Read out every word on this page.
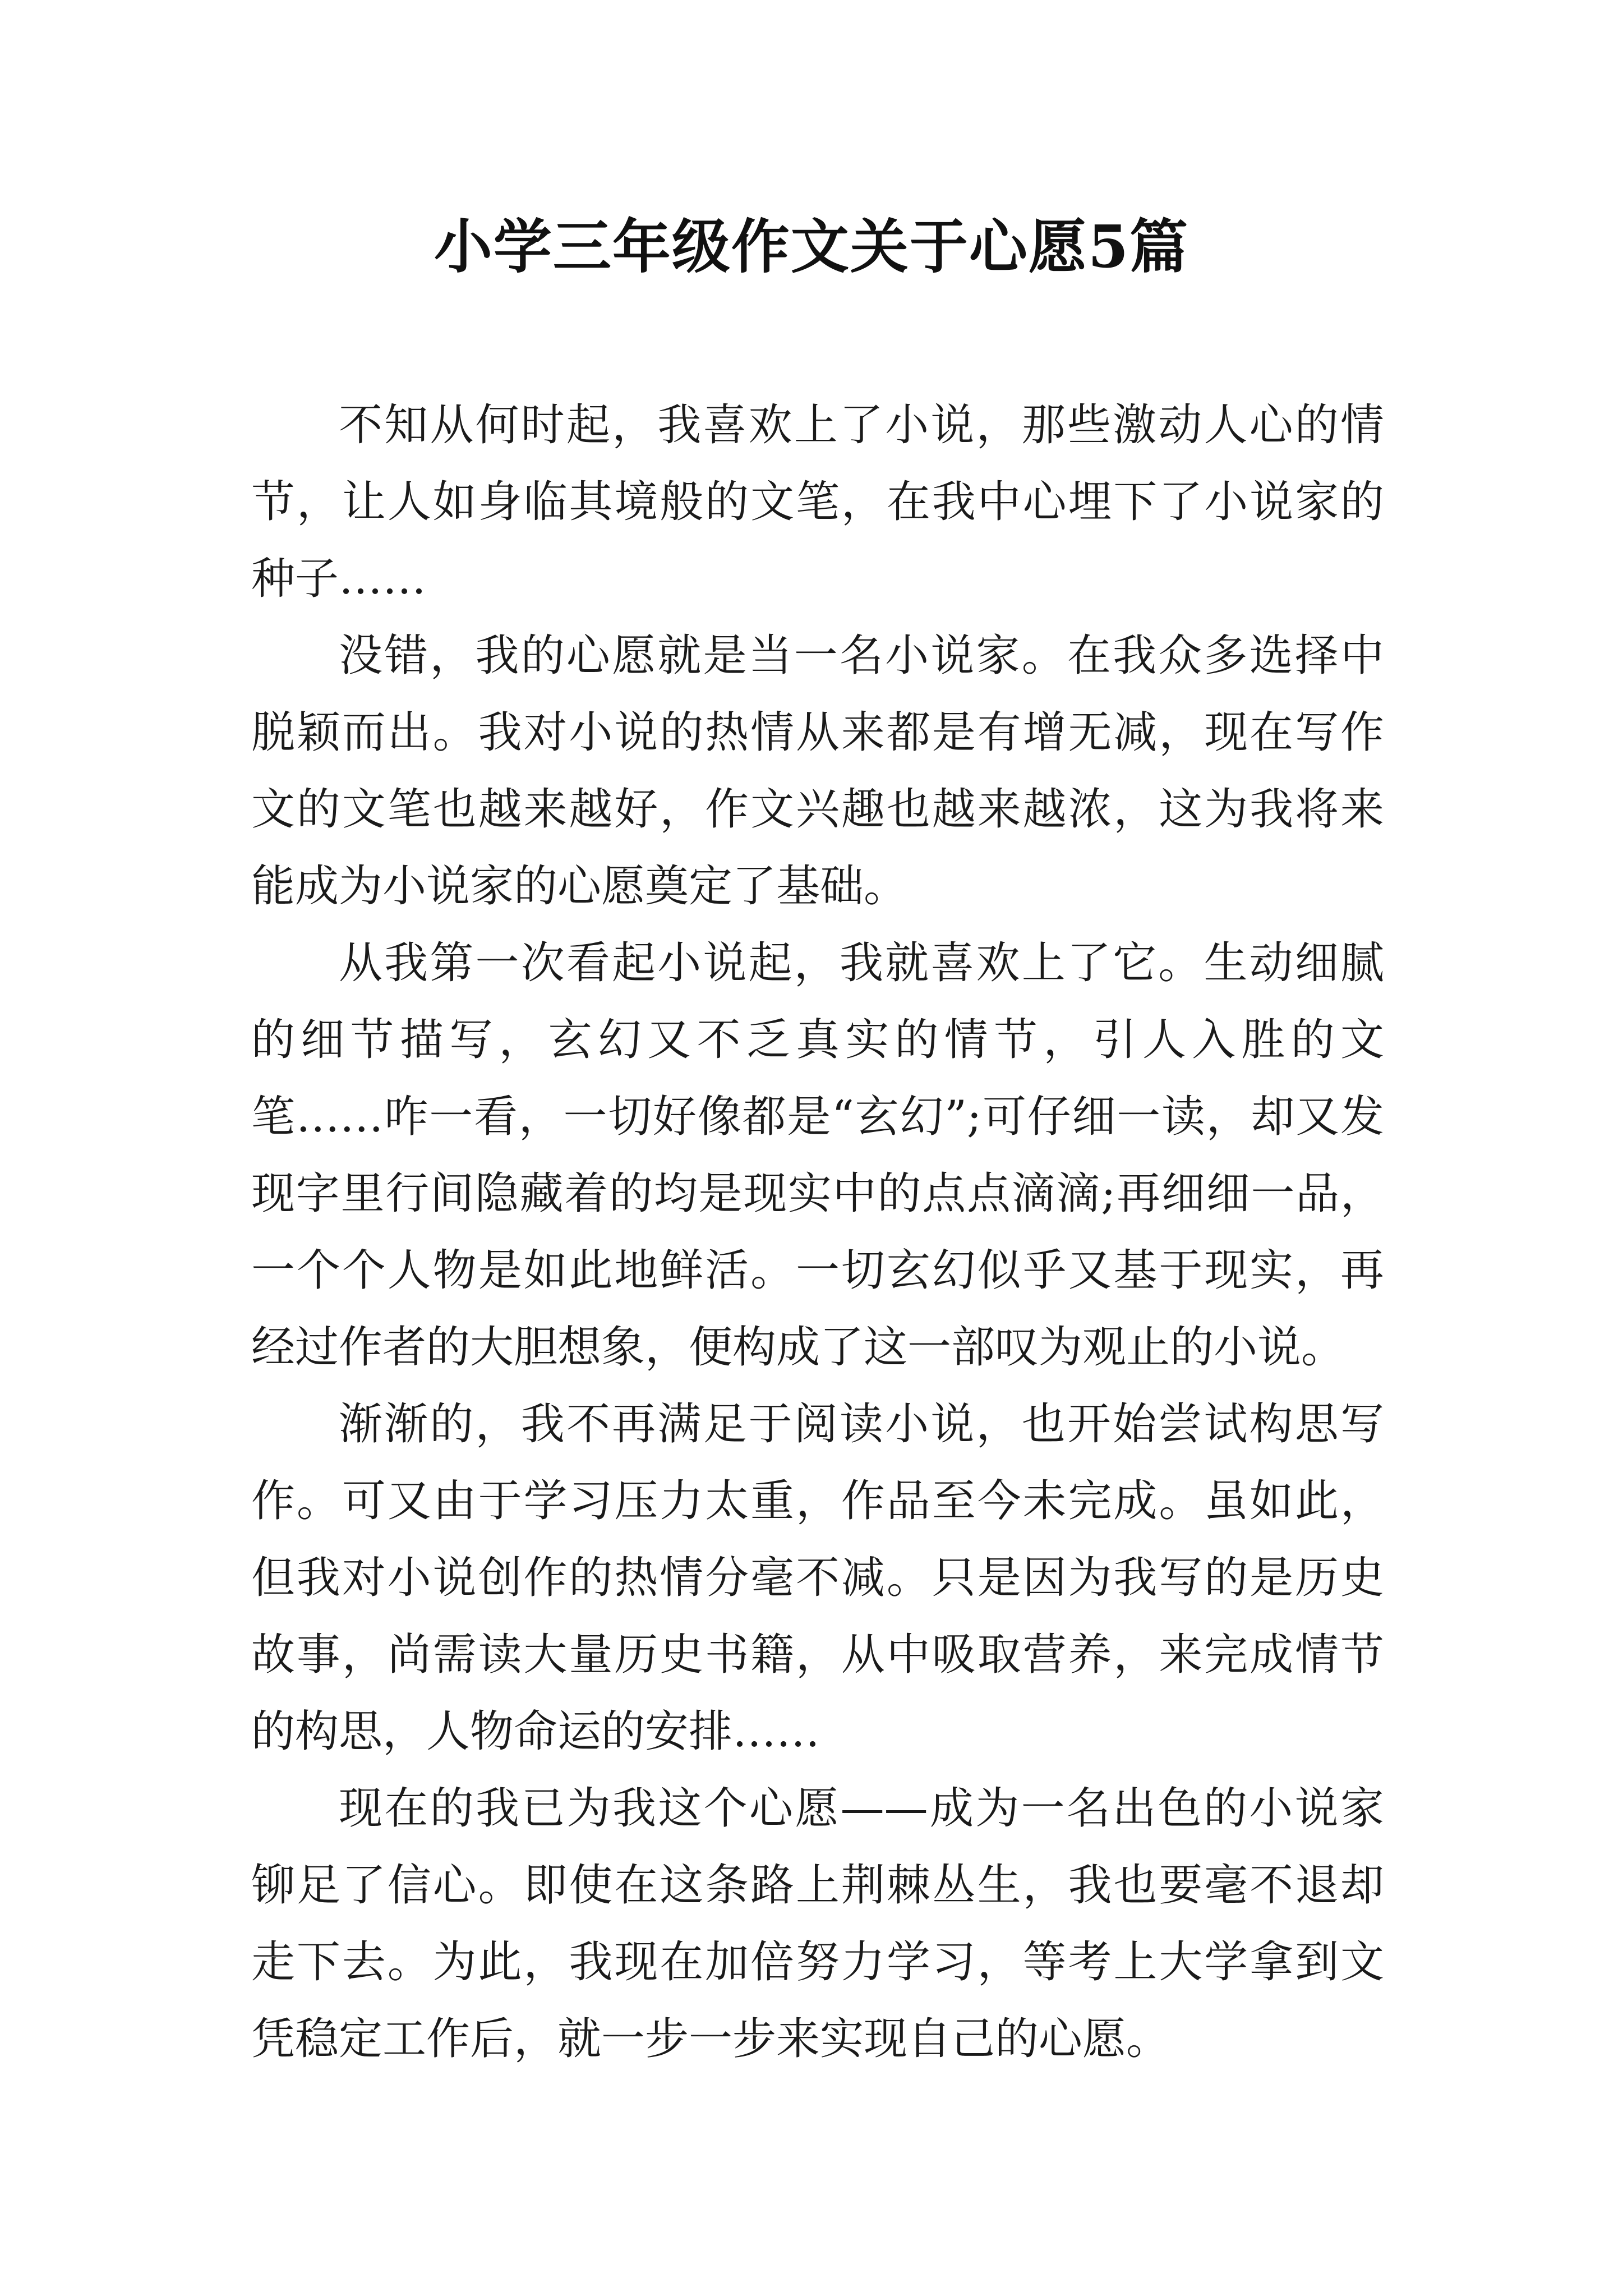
小学三年级作文关于心愿5篇

不知从何时起，我喜欢上了小说，那些激动人心的情节，让人如身临其境般的文笔，在我中心埋下了小说家的种子……

没错，我的心愿就是当一名小说家。在我众多选择中脱颖而出。我对小说的热情从来都是有增无减，现在写作文的文笔也越来越好，作文兴趣也越来越浓，这为我将来能成为小说家的心愿奠定了基础。

从我第一次看起小说起，我就喜欢上了它。生动细腻的细节描写，玄幻又不乏真实的情节，引人入胜的文笔……咋一看，一切好像都是“玄幻”;可仔细一读，却又发现字里行间隐藏着的均是现实中的点点滴滴;再细细一品，一个个人物是如此地鲜活。一切玄幻似乎又基于现实，再经过作者的大胆想象，便构成了这一部叹为观止的小说。

渐渐的，我不再满足于阅读小说，也开始尝试构思写作。可又由于学习压力太重，作品至今未完成。虽如此，但我对小说创作的热情分毫不减。只是因为我写的是历史故事，尚需读大量历史书籍，从中吸取营养，来完成情节的构思，人物命运的安排……

现在的我已为我这个心愿——成为一名出色的小说家铆足了信心。即使在这条路上荆棘丛生，我也要毫不退却走下去。为此，我现在加倍努力学习，等考上大学拿到文凭稳定工作后，就一步一步来实现自己的心愿。
